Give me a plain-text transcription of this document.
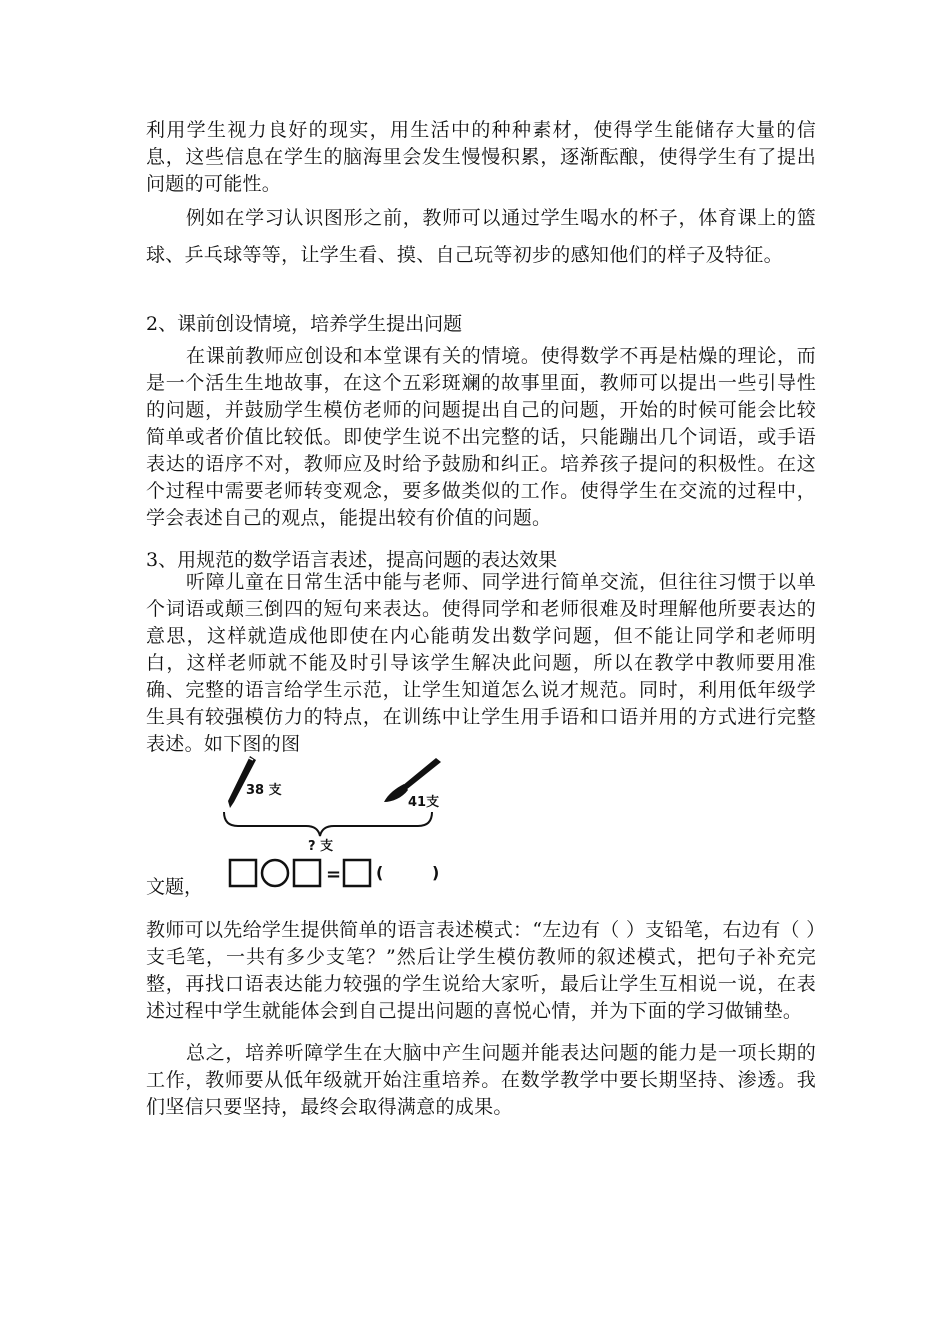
利用学生视力良好的现实，用生活中的种种素材，使得学生能储存大量的信息，这些信息在学生的脑海里会发生慢慢积累，逐渐酝酿，使得学生有了提出问题的可能性。

例如在学习认识图形之前，教师可以通过学生喝水的杯子，体育课上的篮球、乒乓球等等，让学生看、摸、自己玩等初步的感知他们的样子及特征。

2、课前创设情境，培养学生提出问题

在课前教师应创设和本堂课有关的情境。使得数学不再是枯燥的理论，而是一个活生生地故事，在这个五彩斑斓的故事里面，教师可以提出一些引导性的问题，并鼓励学生模仿老师的问题提出自己的问题，开始的时候可能会比较简单或者价值比较低。即使学生说不出完整的话，只能蹦出几个词语，或手语表达的语序不对，教师应及时给予鼓励和纠正。培养孩子提问的积极性。在这个过程中需要老师转变观念，要多做类似的工作。使得学生在交流的过程中，学会表述自己的观点，能提出较有价值的问题。

3、用规范的数学语言表述，提高问题的表达效果

听障儿童在日常生活中能与老师、同学进行简单交流，但往往习惯于以单个词语或颠三倒四的短句来表达。使得同学和老师很难及时理解他所要表达的意思，这样就造成他即使在内心能萌发出数学问题，但不能让同学和老师明白，这样老师就不能及时引导该学生解决此问题，所以在教学中教师要用准确、完整的语言给学生示范，让学生知道怎么说才规范。同时，利用低年级学生具有较强模仿力的特点，在训练中让学生用手语和口语并用的方式进行完整表述。如下图的图

38 支
41支
? 支
= (	)

文题，

教师可以先给学生提供简单的语言表述模式：“左边有（ ）支铅笔，右边有（ ）支毛笔，一共有多少支笔？”然后让学生模仿教师的叙述模式，把句子补充完整，再找口语表达能力较强的学生说给大家听，最后让学生互相说一说，在表述过程中学生就能体会到自己提出问题的喜悦心情，并为下面的学习做铺垫。

总之，培养听障学生在大脑中产生问题并能表达问题的能力是一项长期的工作，教师要从低年级就开始注重培养。在数学教学中要长期坚持、渗透。我们坚信只要坚持，最终会取得满意的成果。
